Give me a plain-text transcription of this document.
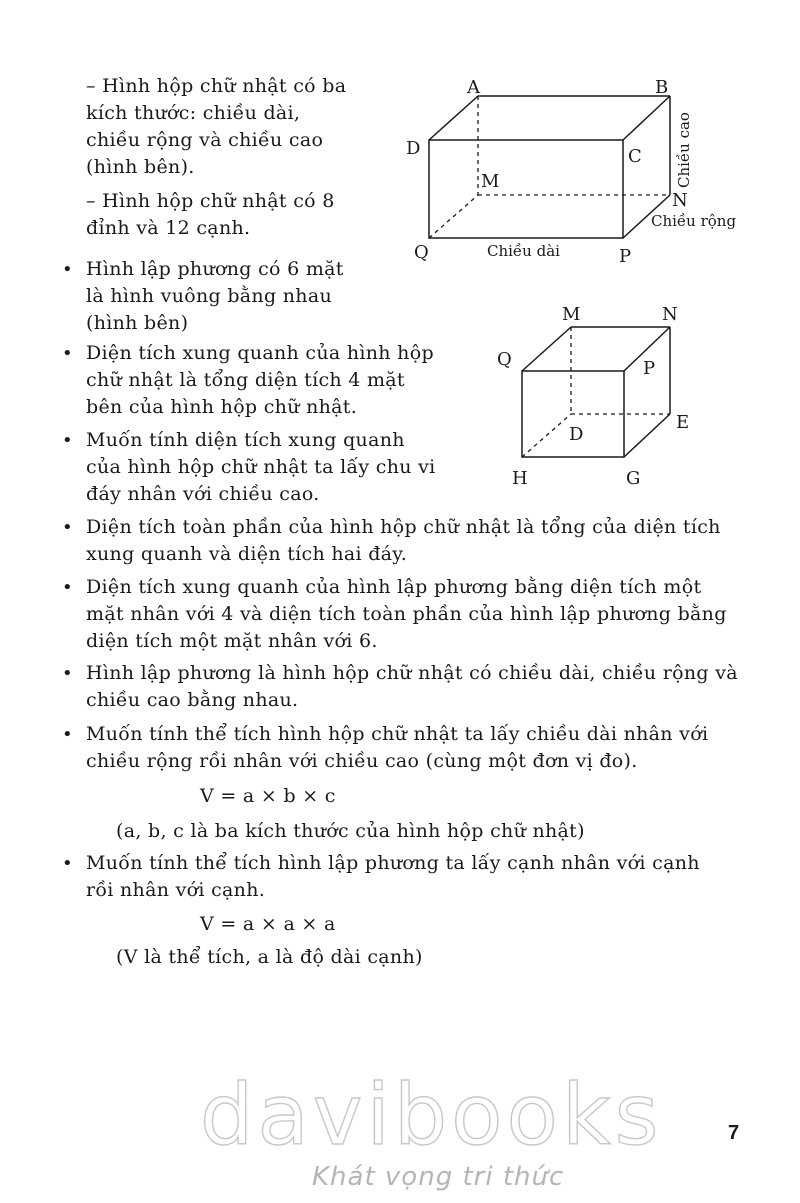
– Hình hộp chữ nhật có ba
kích thước: chiều dài,
chiều rộng và chiều cao
(hình bên).
– Hình hộp chữ nhật có 8
đỉnh và 12 cạnh.
A	B
C
D
M
N
P
Q	Chiều dài
Chiều rộng
Chiều cao
• Hình lập phương có 6 mặt
là hình vuông bằng nhau
(hình bên)	M	N
Q	P
D
E
H	G
• Diện tích xung quanh của hình hộp
chữ nhật là tổng diện tích 4 mặt
bên của hình hộp chữ nhật.
• Muốn tính diện tích xung quanh
của hình hộp chữ nhật ta lấy chu vi
đáy nhân với chiều cao.
• Diện tích toàn phần của hình hộp chữ nhật là tổng của diện tích
xung quanh và diện tích hai đáy.
• Diện tích xung quanh của hình lập phương bằng diện tích một
mặt nhân với 4 và diện tích toàn phần của hình lập phương bằng
diện tích một mặt nhân với 6.
• Hình lập phương là hình hộp chữ nhật có chiều dài, chiều rộng và
chiều cao bằng nhau.
• Muốn tính thể tích hình hộp chữ nhật ta lấy chiều dài nhân với
chiều rộng rồi nhân với chiều cao (cùng một đơn vị đo).
V = a × b × c
(a, b, c là ba kích thước của hình hộp chữ nhật)
• Muốn tính thể tích hình lập phương ta lấy cạnh nhân với cạnh
rồi nhân với cạnh.
V = a × a × a
(V là thể tích, a là độ dài cạnh)
davibooks
Khát vọng tri thức
7
